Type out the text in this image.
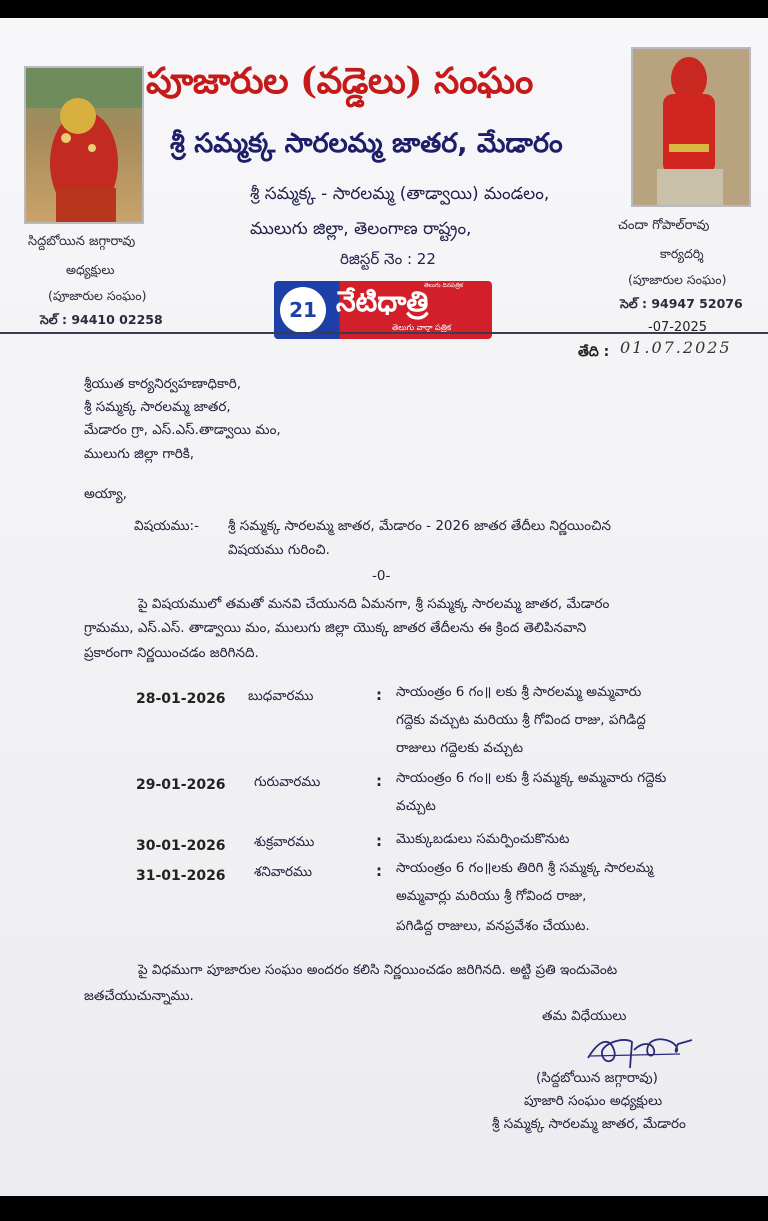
పూజారుల (వడ్డెలు) సంఘం
శ్రీ సమ్మక్క సారలమ్మ జాతర, మేడారం
శ్రీ సమ్మక్క - సారలమ్మ (తాడ్వాయి) మండలం,
ములుగు జిల్లా, తెలంగాణ రాష్ట్రం,
రిజిస్టర్ నెం : 22
సిద్దబోయిన జగ్గారావు
అధ్యక్షులు
(పూజారుల సంఘం)
సెల్ : 94410 02258
చందా గోపాల్‌రావు
కార్యదర్శి
(పూజారుల సంఘం)
సెల్ : 94947 52076
21
తెలుగు దినపత్రిక
నేటిధాత్రి
తెలుగు వార్తా పత్రిక	-07-2025
తేది : 01.07.2025
శ్రీయుత కార్యనిర్వహణాధికారి,
శ్రీ సమ్మక్క సారలమ్మ జాతర,
మేడారం గ్రా, ఎస్.ఎస్.తాడ్వాయి మం,
ములుగు జిల్లా గారికి,
అయ్యా,
విషయము:- శ్రీ సమ్మక్క సారలమ్మ జాతర, మేడారం - 2026 జాతర తేదీలు నిర్ణయించిన
విషయము గురించి.
-0-
పై విషయములో తమతో మనవి చేయునది ఏమనగా, శ్రీ సమ్మక్క సారలమ్మ జాతర, మేడారం
గ్రామము, ఎస్.ఎస్. తాడ్వాయి మం, ములుగు జిల్లా యొక్క జాతర తేదీలను ఈ క్రింద తెలిపినవాని
ప్రకారంగా నిర్ణయించడం జరిగినది.
28-01-2026 బుధవారము	: సాయంత్రం 6 గం॥ లకు శ్రీ సారలమ్మ అమ్మవారు
గద్దెకు వచ్చుట మరియు శ్రీ గోవింద రాజు, పగిడిద్ద
రాజులు గద్దెలకు వచ్చుట
29-01-2026 గురువారము	: సాయంత్రం 6 గం॥ లకు శ్రీ సమ్మక్క అమ్మవారు గద్దెకు
వచ్చుట
30-01-2026 శుక్రవారము	: మొక్కుబడులు సమర్పించుకొనుట
31-01-2026 శనివారము	: సాయంత్రం 6 గం॥లకు తిరిగి శ్రీ సమ్మక్క సారలమ్మ
అమ్మవార్లు మరియు శ్రీ గోవింద రాజు,
పగిడిద్ద రాజులు, వనప్రవేశం చేయుట.
పై విధముగా పూజారుల సంఘం అందరం కలిసి నిర్ణయించడం జరిగినది. అట్టి ప్రతి ఇందువెంట
జతచేయుచున్నాము.
తమ విధేయులు
(సిద్దబోయిన జగ్గారావు)
పూజారి సంఘం అధ్యక్షులు
శ్రీ సమ్మక్క సారలమ్మ జాతర, మేడారం
